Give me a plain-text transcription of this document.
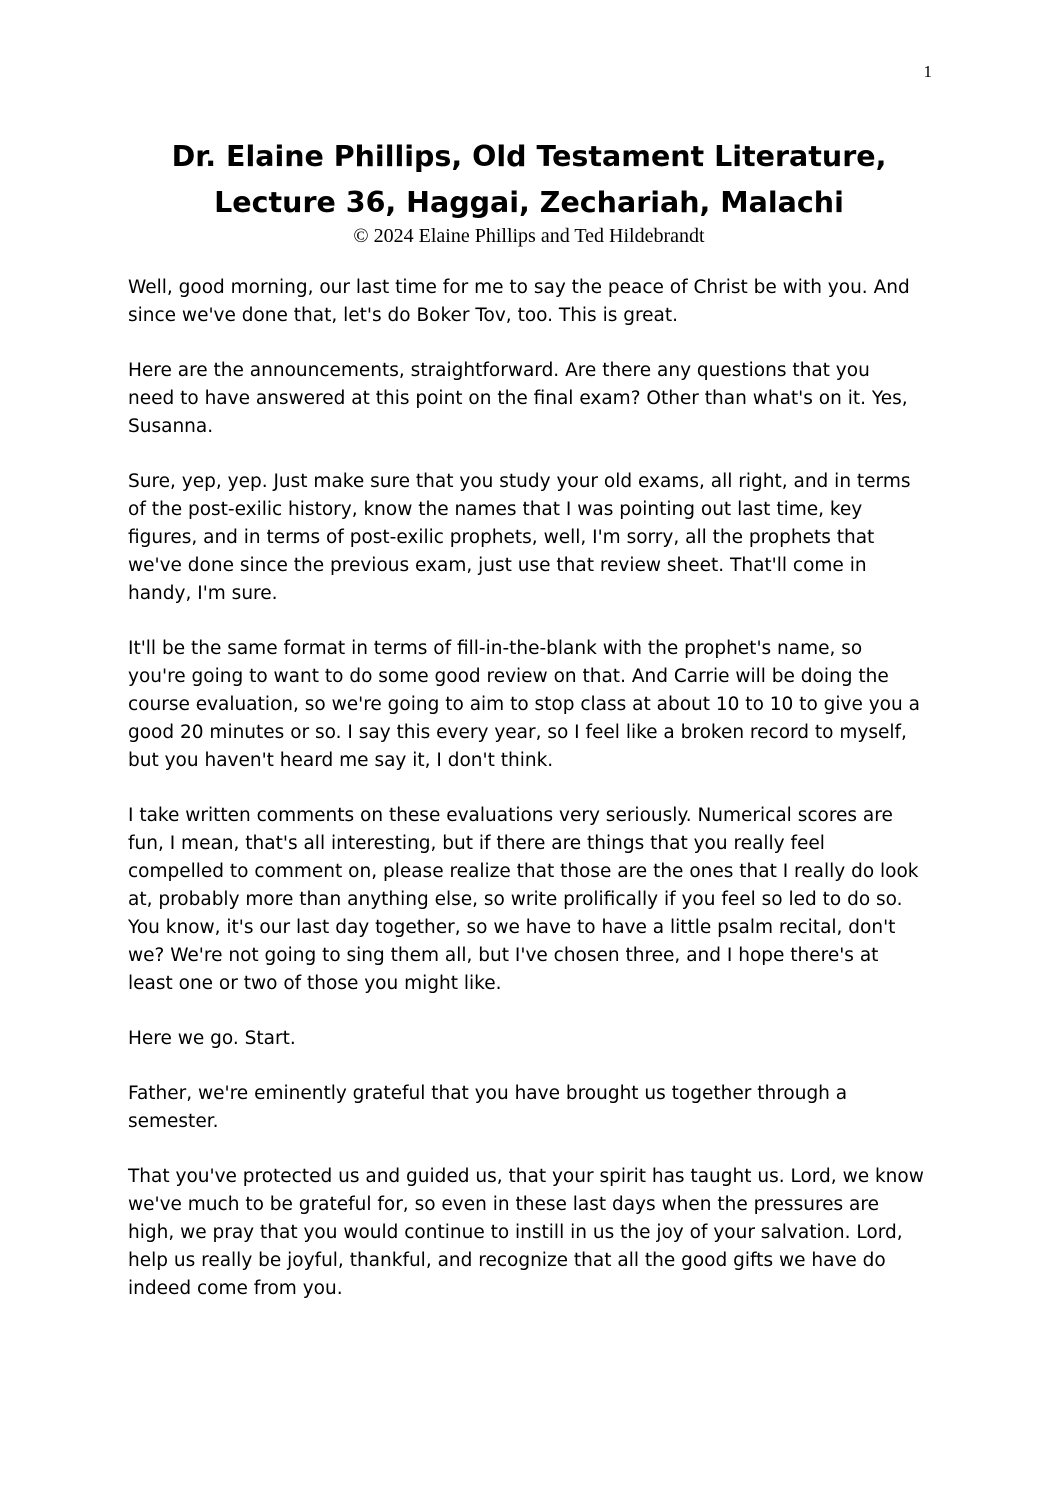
1
Dr. Elaine Phillips, Old Testament Literature,
Lecture 36, Haggai, Zechariah, Malachi
© 2024 Elaine Phillips and Ted Hildebrandt

Well, good morning, our last time for me to say the peace of Christ be with you. And
since we've done that, let's do Boker Tov, too. This is great.

Here are the announcements, straightforward. Are there any questions that you
need to have answered at this point on the final exam? Other than what's on it. Yes,
Susanna.

Sure, yep, yep. Just make sure that you study your old exams, all right, and in terms
of the post-exilic history, know the names that I was pointing out last time, key
figures, and in terms of post-exilic prophets, well, I'm sorry, all the prophets that
we've done since the previous exam, just use that review sheet. That'll come in
handy, I'm sure.

It'll be the same format in terms of fill-in-the-blank with the prophet's name, so
you're going to want to do some good review on that. And Carrie will be doing the
course evaluation, so we're going to aim to stop class at about 10 to 10 to give you a
good 20 minutes or so. I say this every year, so I feel like a broken record to myself,
but you haven't heard me say it, I don't think.

I take written comments on these evaluations very seriously. Numerical scores are
fun, I mean, that's all interesting, but if there are things that you really feel
compelled to comment on, please realize that those are the ones that I really do look
at, probably more than anything else, so write prolifically if you feel so led to do so.
You know, it's our last day together, so we have to have a little psalm recital, don't
we? We're not going to sing them all, but I've chosen three, and I hope there's at
least one or two of those you might like.

Here we go. Start.

Father, we're eminently grateful that you have brought us together through a
semester.

That you've protected us and guided us, that your spirit has taught us. Lord, we know
we've much to be grateful for, so even in these last days when the pressures are
high, we pray that you would continue to instill in us the joy of your salvation. Lord,
help us really be joyful, thankful, and recognize that all the good gifts we have do
indeed come from you.
